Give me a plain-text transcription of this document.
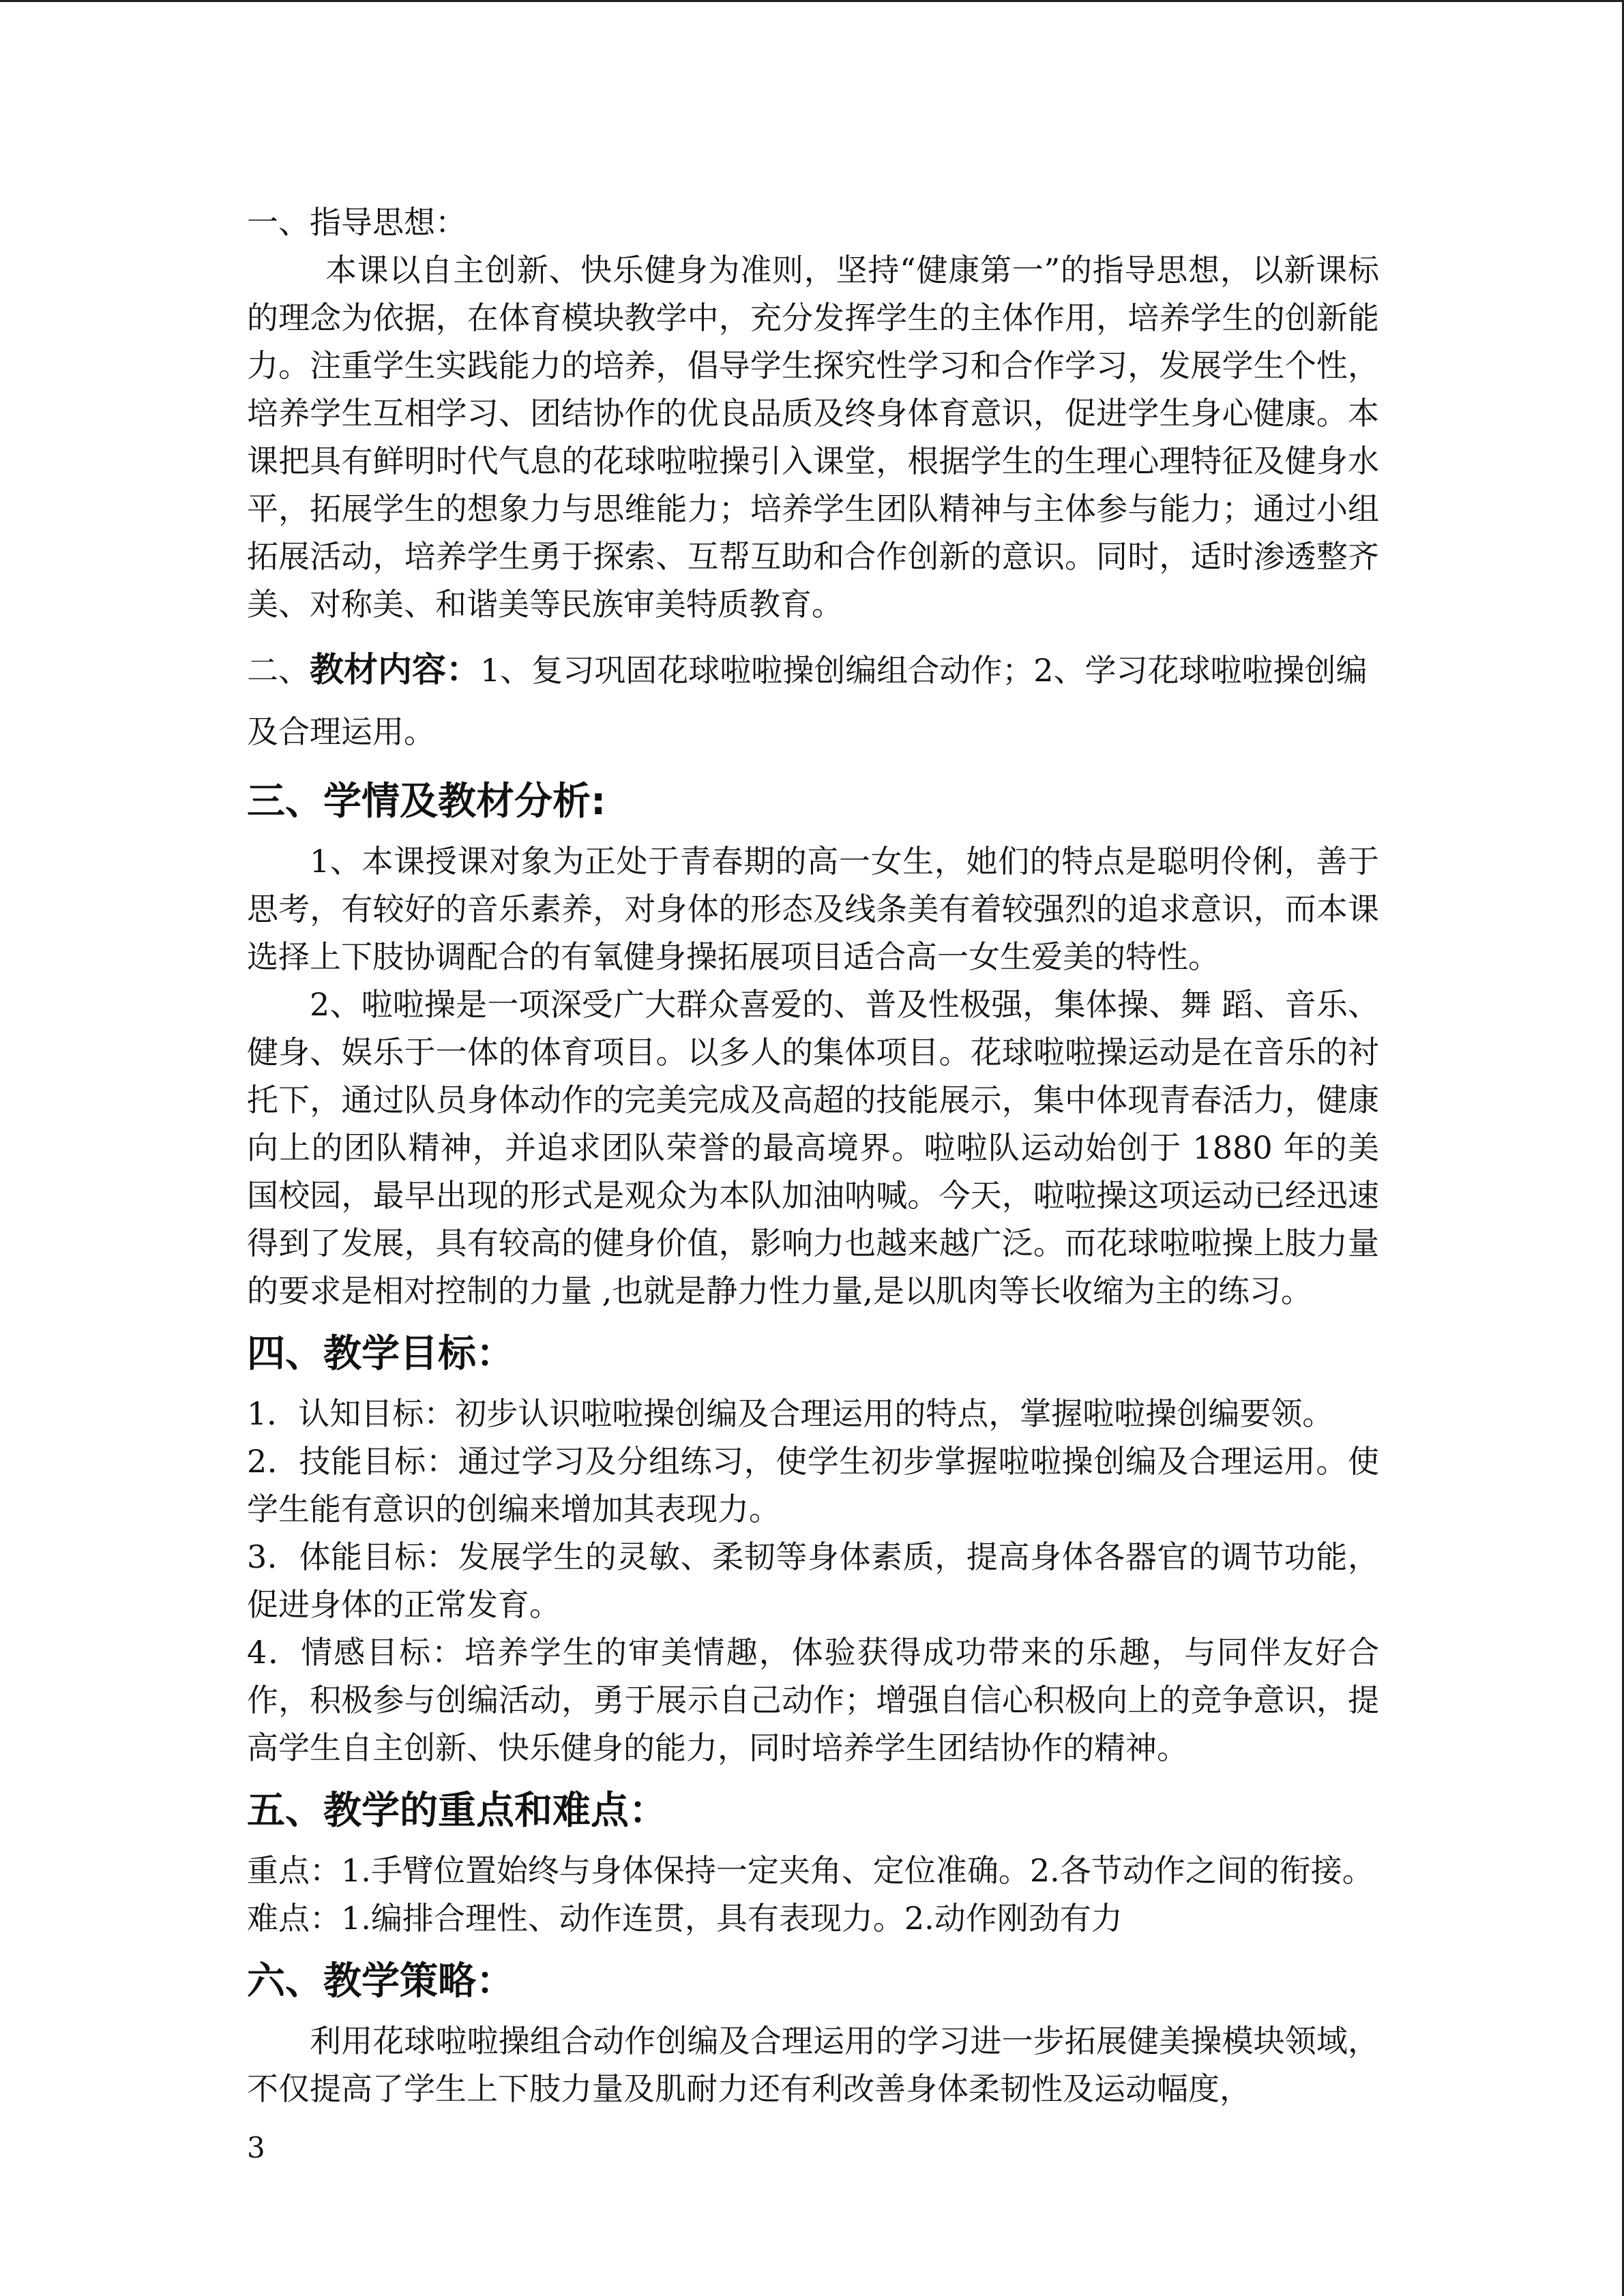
一、指导思想：

本课以自主创新、快乐健身为准则，坚持“健康第一”的指导思想，以新课标的理念为依据，在体育模块教学中，充分发挥学生的主体作用，培养学生的创新能力。注重学生实践能力的培养，倡导学生探究性学习和合作学习，发展学生个性，培养学生互相学习、团结协作的优良品质及终身体育意识，促进学生身心健康。本课把具有鲜明时代气息的花球啦啦操引入课堂，根据学生的生理心理特征及健身水平，拓展学生的想象力与思维能力；培养学生团队精神与主体参与能力；通过小组拓展活动，培养学生勇于探索、互帮互助和合作创新的意识。同时，适时渗透整齐美、对称美、和谐美等民族审美特质教育。

二、教材内容：1、复习巩固花球啦啦操创编组合动作；2、学习花球啦啦操创编及合理运用。

三、学情及教材分析:

1、本课授课对象为正处于青春期的高一女生，她们的特点是聪明伶俐，善于思考，有较好的音乐素养，对身体的形态及线条美有着较强烈的追求意识，而本课选择上下肢协调配合的有氧健身操拓展项目适合高一女生爱美的特性。

2、啦啦操是一项深受广大群众喜爱的、普及性极强，集体操、舞 蹈、音乐、健身、娱乐于一体的体育项目。以多人的集体项目。花球啦啦操运动是在音乐的衬托下，通过队员身体动作的完美完成及高超的技能展示，集中体现青春活力，健康向上的团队精神，并追求团队荣誉的最高境界。啦啦队运动始创于 1880 年的美国校园，最早出现的形式是观众为本队加油呐喊。今天，啦啦操这项运动已经迅速得到了发展，具有较高的健身价值，影响力也越来越广泛。而花球啦啦操上肢力量的要求是相对控制的力量 ,也就是静力性力量,是以肌肉等长收缩为主的练习。

四、教学目标：

1．认知目标：初步认识啦啦操创编及合理运用的特点，掌握啦啦操创编要领。

2．技能目标：通过学习及分组练习，使学生初步掌握啦啦操创编及合理运用。使学生能有意识的创编来增加其表现力。

3．体能目标：发展学生的灵敏、柔韧等身体素质，提高身体各器官的调节功能，促进身体的正常发育。

4．情感目标：培养学生的审美情趣，体验获得成功带来的乐趣，与同伴友好合作，积极参与创编活动，勇于展示自己动作；增强自信心积极向上的竞争意识，提高学生自主创新、快乐健身的能力，同时培养学生团结协作的精神。

五、教学的重点和难点：

重点：1.手臂位置始终与身体保持一定夹角、定位准确。2.各节动作之间的衔接。

难点：1.编排合理性、动作连贯，具有表现力。2.动作刚劲有力

六、教学策略：

利用花球啦啦操组合动作创编及合理运用的学习进一步拓展健美操模块领域，不仅提高了学生上下肢力量及肌耐力还有利改善身体柔韧性及运动幅度，

3
